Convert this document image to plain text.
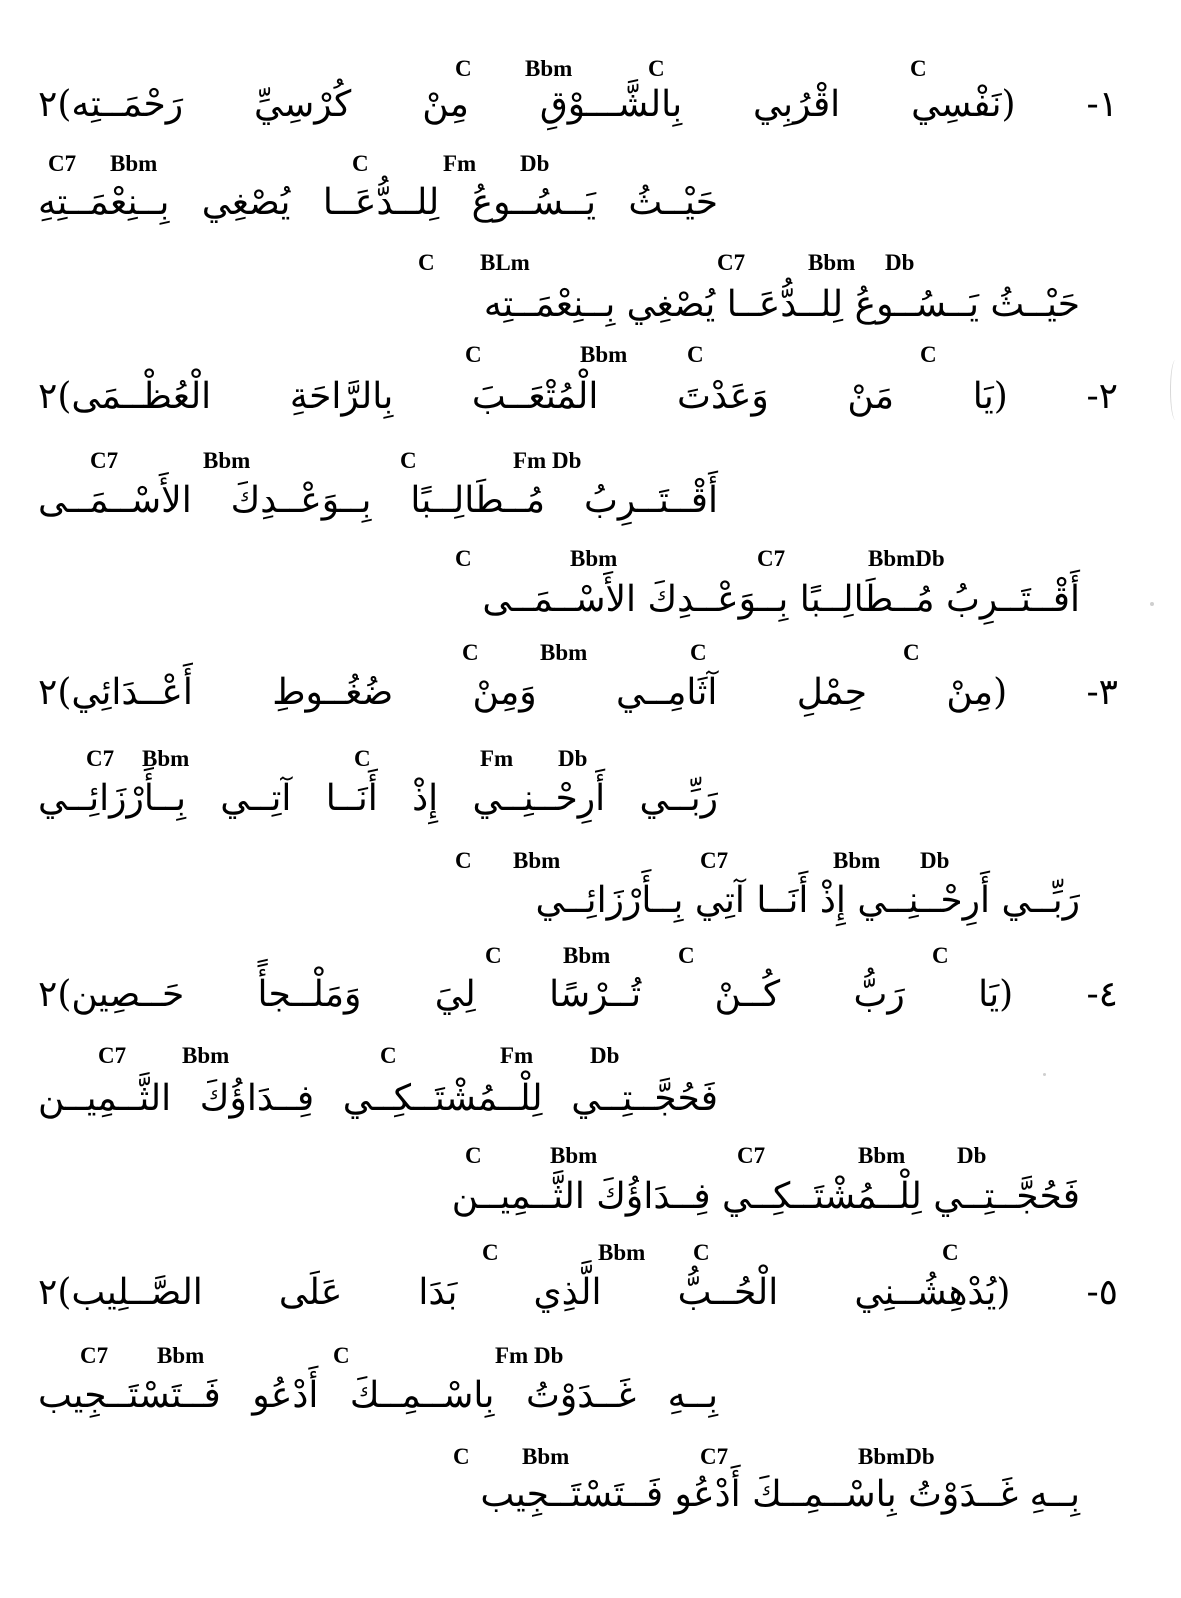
C Bbm	C	C
١- (نَفْسِي اقْرُبِي بِالشَّـــوْقِ مِنْ كُرْسِيِّ رَحْمَــتِه)٢
C7 Bbm	C	Fm Db
حَيْــثُ يَــسُــوعُ لِلــدُّعَــا يُصْغِي بِــنِعْمَــتِهِ
C BLm	C7	Bbm Db
حَيْــثُ يَــسُــوعُ لِلــدُّعَــا يُصْغِي بِــنِعْمَــتِه
C	Bbm	C	C
٢- (يَا مَنْ وَعَدْتَ الْمُتْعَــبَ بِالرَّاحَةِ الْعُظْــمَى)٢
C7	Bbm	C	Fm Db
أَقْــتَــرِبُ مُــطَالِــبًا بِــوَعْــدِكَ الأَسْــمَــى
C	Bbm	C7	BbmDb
أَقْــتَــرِبُ مُــطَالِــبًا بِــوَعْــدِكَ الأَسْــمَــى
C	Bbm	C	C
٣- (مِنْ حِمْلِ آثَامِــي وَمِنْ ضُغُــوطِ أَعْــدَائِي)٢
C7 Bbm	C	Fm Db
رَبِّــي أَرِحْــنِــي إِذْ أَنَــا آتِــي بِــأَرْزَائِــي
C Bbm	C7	Bbm Db
رَبِّــي أَرِحْــنِــي إِذْ أَنَــا آتِي بِــأَرْزَائِــي
C	Bbm	C	C
٤- (يَا رَبُّ كُــنْ تُــرْسًا لِيَ وَمَلْــجأً حَــصِين)٢
C7 Bbm	C	Fm Db
فَحُجَّــتِــي لِلْــمُشْتَــكِــي فِــدَاؤُكَ الثَّــمِيــن
C	Bbm	C7	Bbm Db
فَحُجَّــتِــي لِلْــمُشْتَــكِــي فِــدَاؤُكَ الثَّــمِيــن
C	Bbm C	C
٥- (يُدْهِشُــنِي الْحُــبُّ الَّذِي بَدَا عَلَى الصَّــلِيب)٢
C7 Bbm	C	Fm Db
بِــهِ غَــدَوْتُ بِاسْــمِــكَ أَدْعُو فَــتَسْتَــجِيب
C Bbm	C7	BbmDb
بِــهِ غَــدَوْتُ بِاسْــمِــكَ أَدْعُو فَــتَسْتَــجِيب
